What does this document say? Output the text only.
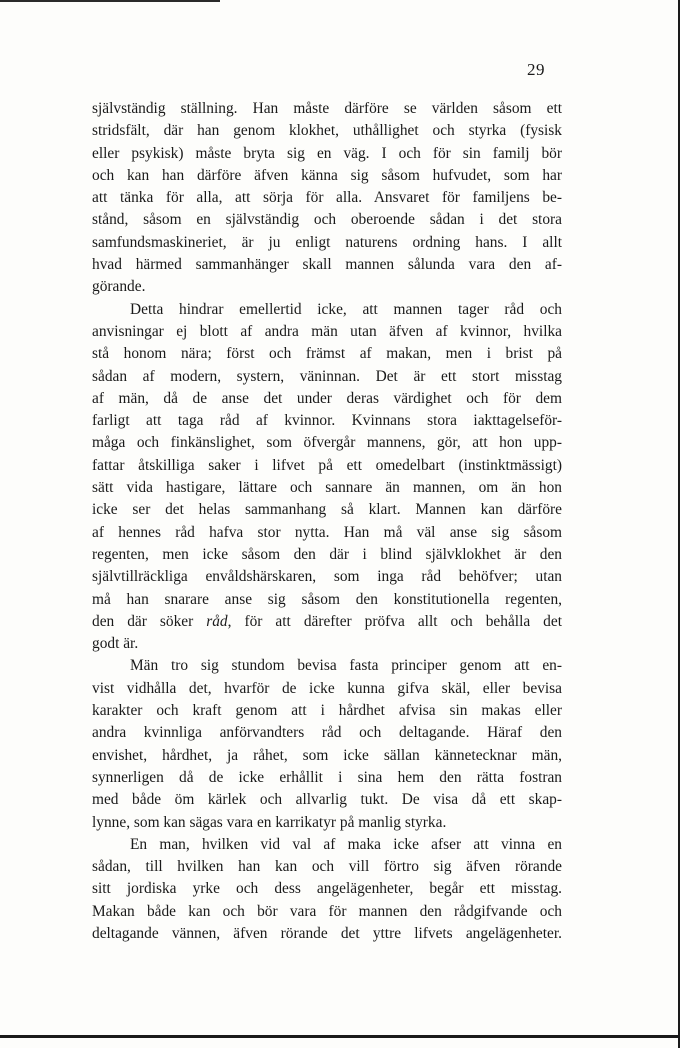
29
självständig ställning. Han måste därföre se världen såsom ett
stridsfält, där han genom klokhet, uthållighet och styrka (fysisk
eller psykisk) måste bryta sig en väg. I och för sin familj bör
och kan han därföre äfven känna sig såsom hufvudet, som har
att tänka för alla, att sörja för alla. Ansvaret för familjens be-
stånd, såsom en självständig och oberoende sådan i det stora
samfundsmaskineriet, är ju enligt naturens ordning hans. I allt
hvad härmed sammanhänger skall mannen sålunda vara den af-
görande.
Detta hindrar emellertid icke, att mannen tager råd och
anvisningar ej blott af andra män utan äfven af kvinnor, hvilka
stå honom nära; först och främst af makan, men i brist på
sådan af modern, systern, väninnan. Det är ett stort misstag
af män, då de anse det under deras värdighet och för dem
farligt att taga råd af kvinnor. Kvinnans stora iakttagelseför-
måga och finkänslighet, som öfvergår mannens, gör, att hon upp-
fattar åtskilliga saker i lifvet på ett omedelbart (instinktmässigt)
sätt vida hastigare, lättare och sannare än mannen, om än hon
icke ser det helas sammanhang så klart. Mannen kan därföre
af hennes råd hafva stor nytta. Han må väl anse sig såsom
regenten, men icke såsom den där i blind självklokhet är den
självtillräckliga envåldshärskaren, som inga råd behöfver; utan
må han snarare anse sig såsom den konstitutionella regenten,
den där söker råd, för att därefter pröfva allt och behålla det
godt är.
Män tro sig stundom bevisa fasta principer genom att en-
vist vidhålla det, hvarför de icke kunna gifva skäl, eller bevisa
karakter och kraft genom att i hårdhet afvisa sin makas eller
andra kvinnliga anförvandters råd och deltagande. Häraf den
envishet, hårdhet, ja råhet, som icke sällan kännetecknar män,
synnerligen då de icke erhållit i sina hem den rätta fostran
med både öm kärlek och allvarlig tukt. De visa då ett skap-
lynne, som kan sägas vara en karrikatyr på manlig styrka.
En man, hvilken vid val af maka icke afser att vinna en
sådan, till hvilken han kan och vill förtro sig äfven rörande
sitt jordiska yrke och dess angelägenheter, begår ett misstag.
Makan både kan och bör vara för mannen den rådgifvande och
deltagande vännen, äfven rörande det yttre lifvets angelägenheter.
